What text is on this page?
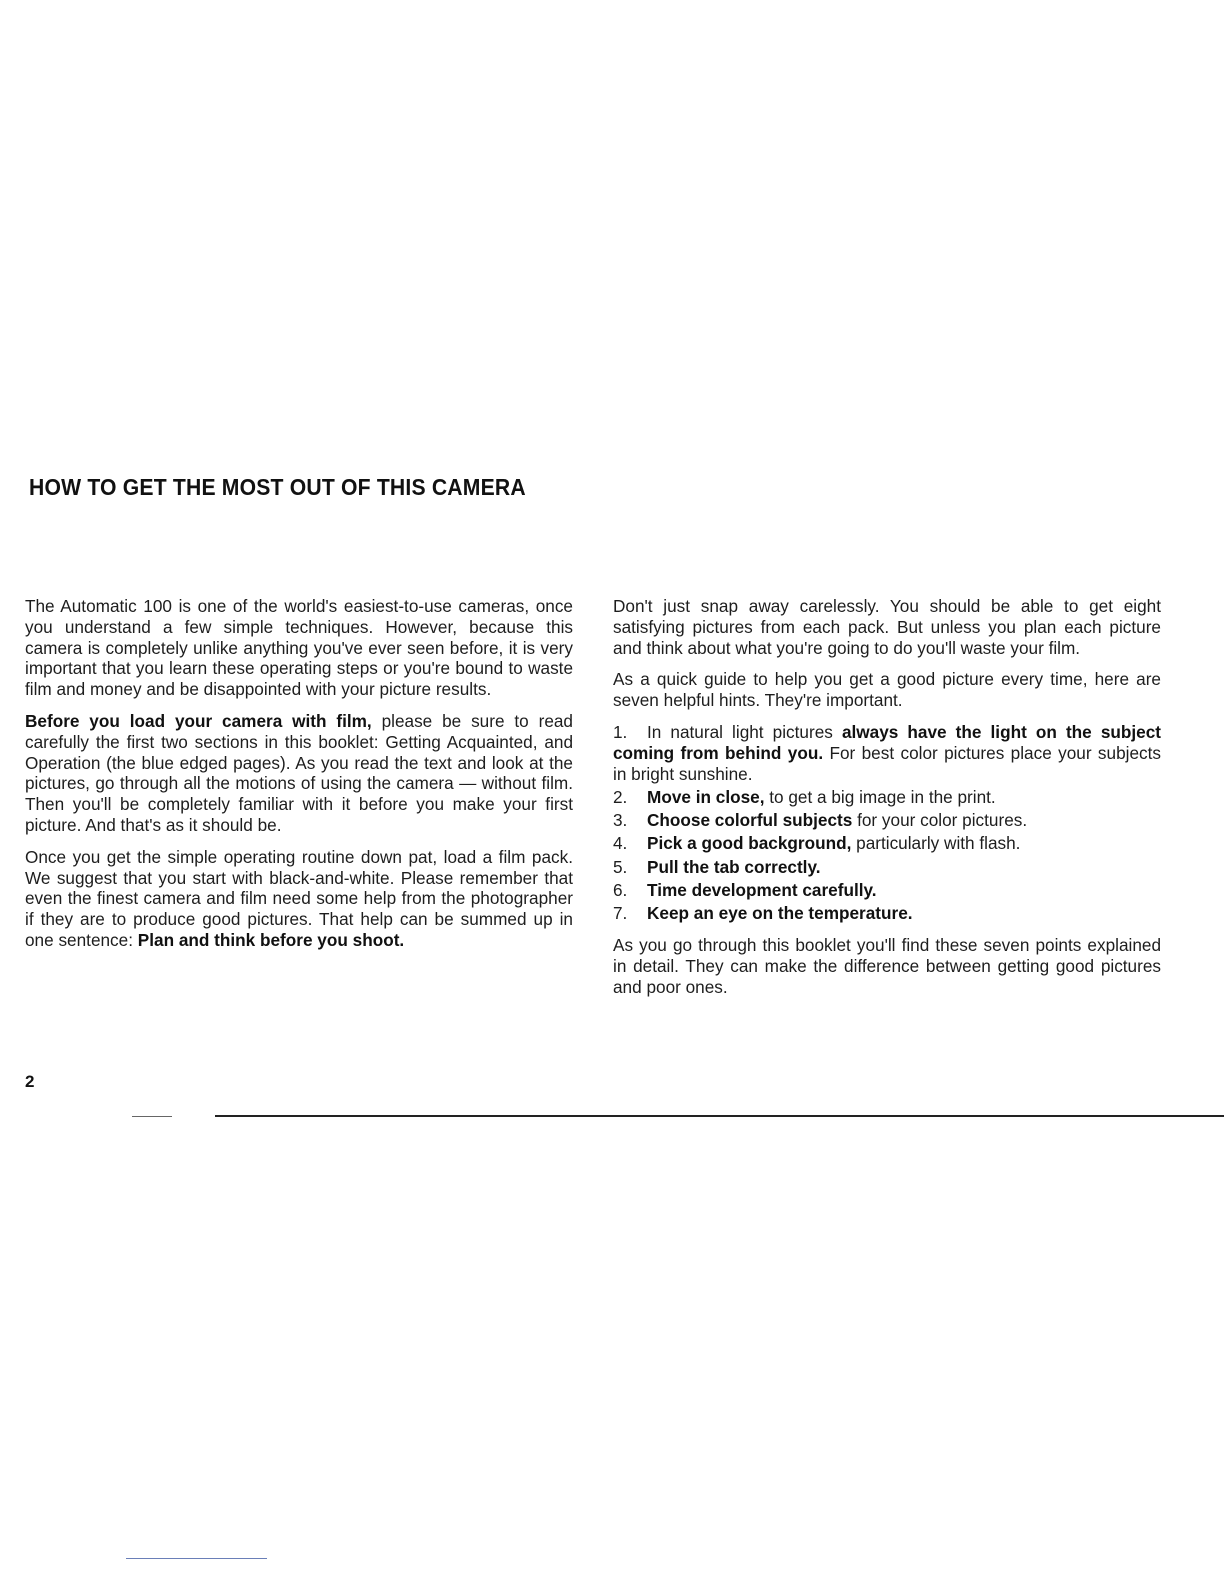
HOW TO GET THE MOST OUT OF THIS CAMERA

The Automatic 100 is one of the world's easiest-to-use cameras, once you understand a few simple techniques. However, because this camera is completely unlike anything you've ever seen before, it is very important that you learn these operating steps or you're bound to waste film and money and be disappointed with your picture results.

Before you load your camera with film, please be sure to read carefully the first two sections in this booklet: Getting Acquainted, and Operation (the blue edged pages). As you read the text and look at the pictures, go through all the motions of using the camera — without film. Then you'll be completely familiar with it before you make your first picture. And that's as it should be.

Once you get the simple operating routine down pat, load a film pack. We suggest that you start with black-and-white. Please remember that even the finest camera and film need some help from the photographer if they are to produce good pictures. That help can be summed up in one sentence: Plan and think before you shoot.

Don't just snap away carelessly. You should be able to get eight satisfying pictures from each pack. But unless you plan each picture and think about what you're going to do you'll waste your film.

As a quick guide to help you get a good picture every time, here are seven helpful hints. They're important.

1. In natural light pictures always have the light on the subject coming from behind you. For best color pictures place your subjects in bright sunshine.
2. Move in close, to get a big image in the print.
3. Choose colorful subjects for your color pictures.
4. Pick a good background, particularly with flash.
5. Pull the tab correctly.
6. Time development carefully.
7. Keep an eye on the temperature.

As you go through this booklet you'll find these seven points explained in detail. They can make the difference between getting good pictures and poor ones.

2
